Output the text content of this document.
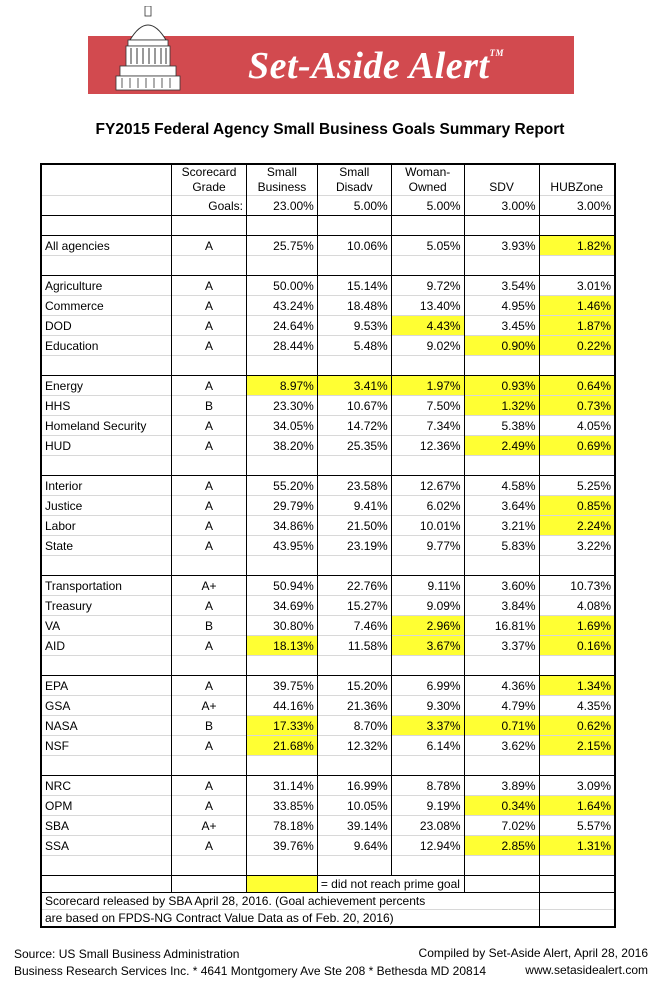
Set-Aside Alert™
FY2015 Federal Agency Small Business Goals Summary Report
	Scorecard	Small	Small	Woman-		
	Grade	Business	Disadv	Owned	SDV	HUBZone
	Goals:	23.00%	5.00%	5.00%	3.00%	3.00%

All agencies	A	25.75%	10.06%	5.05%	3.93%	1.82%

Agriculture	A	50.00%	15.14%	9.72%	3.54%	3.01%
Commerce	A	43.24%	18.48%	13.40%	4.95%	1.46%
DOD	A	24.64%	9.53%	4.43%	3.45%	1.87%
Education	A	28.44%	5.48%	9.02%	0.90%	0.22%

Energy	A	8.97%	3.41%	1.97%	0.93%	0.64%
HHS	B	23.30%	10.67%	7.50%	1.32%	0.73%
Homeland Security	A	34.05%	14.72%	7.34%	5.38%	4.05%
HUD	A	38.20%	25.35%	12.36%	2.49%	0.69%

Interior	A	55.20%	23.58%	12.67%	4.58%	5.25%
Justice	A	29.79%	9.41%	6.02%	3.64%	0.85%
Labor	A	34.86%	21.50%	10.01%	3.21%	2.24%
State	A	43.95%	23.19%	9.77%	5.83%	3.22%

Transportation	A+	50.94%	22.76%	9.11%	3.60%	10.73%
Treasury	A	34.69%	15.27%	9.09%	3.84%	4.08%
VA	B	30.80%	7.46%	2.96%	16.81%	1.69%
AID	A	18.13%	11.58%	3.67%	3.37%	0.16%

EPA	A	39.75%	15.20%	6.99%	4.36%	1.34%
GSA	A+	44.16%	21.36%	9.30%	4.79%	4.35%
NASA	B	17.33%	8.70%	3.37%	0.71%	0.62%
NSF	A	21.68%	12.32%	6.14%	3.62%	2.15%

NRC	A	31.14%	16.99%	8.78%	3.89%	3.09%
OPM	A	33.85%	10.05%	9.19%	0.34%	1.64%
SBA	A+	78.18%	39.14%	23.08%	7.02%	5.57%
SSA	A	39.76%	9.64%	12.94%	2.85%	1.31%

			= did not reach prime goal			
Scorecard released by SBA April 28, 2016. (Goal achievement percents						
are based on FPDS-NG Contract Value Data as of Feb. 20, 2016)						
Source: US Small Business Administration
Business Research Services Inc. * 4641 Montgomery Ave Ste 208 * Bethesda MD 20814
Compiled by Set-Aside Alert, April 28, 2016
www.setasidealert.com
